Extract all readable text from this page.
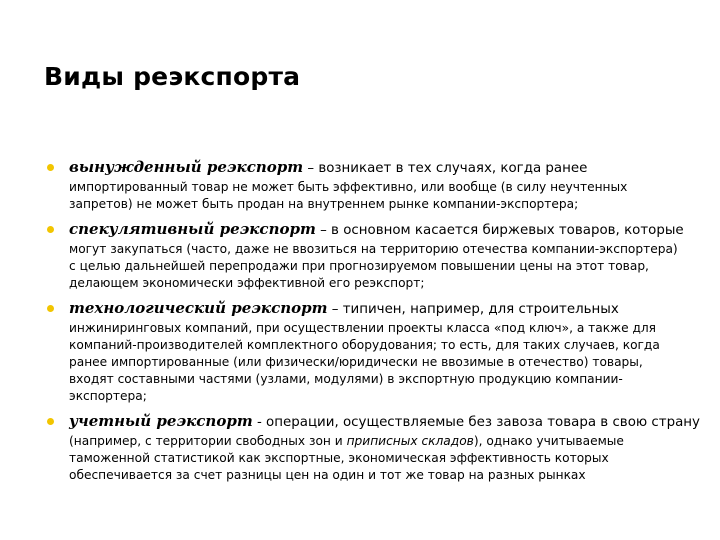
Виды реэкспорта
вынужденный реэкспорт – возникает в тех случаях, когда ранее
импортированный товар не может быть эффективно, или вообще (в силу неучтенных запретов) не может быть продан на внутреннем рынке компании-экспортера;
спекулятивный реэкспорт – в основном касается биржевых товаров, которые
могут закупаться (часто, даже не ввозиться на территорию отечества компании-экспортера) с целью дальнейшей перепродажи при прогнозируемом повышении цены на этот товар, делающем экономически эффективной его реэкспорт;
технологический реэкспорт – типичен, например, для строительных
инжиниринговых компаний, при осуществлении проекты класса «под ключ», а также для компаний-производителей комплектного оборудования; то есть, для таких случаев, когда ранее импортированные (или физически/юридически не ввозимые в отечество) товары, входят составными частями (узлами, модулями) в экспортную продукцию компании-экспортера;
учетный реэкспорт - операции, осуществляемые без завоза товара в свою страну
(например, с территории свободных зон и приписных складов), однако учитываемые таможенной статистикой как экспортные, экономическая эффективность которых обеспечивается за счет разницы цен на один и тот же товар на разных рынках
